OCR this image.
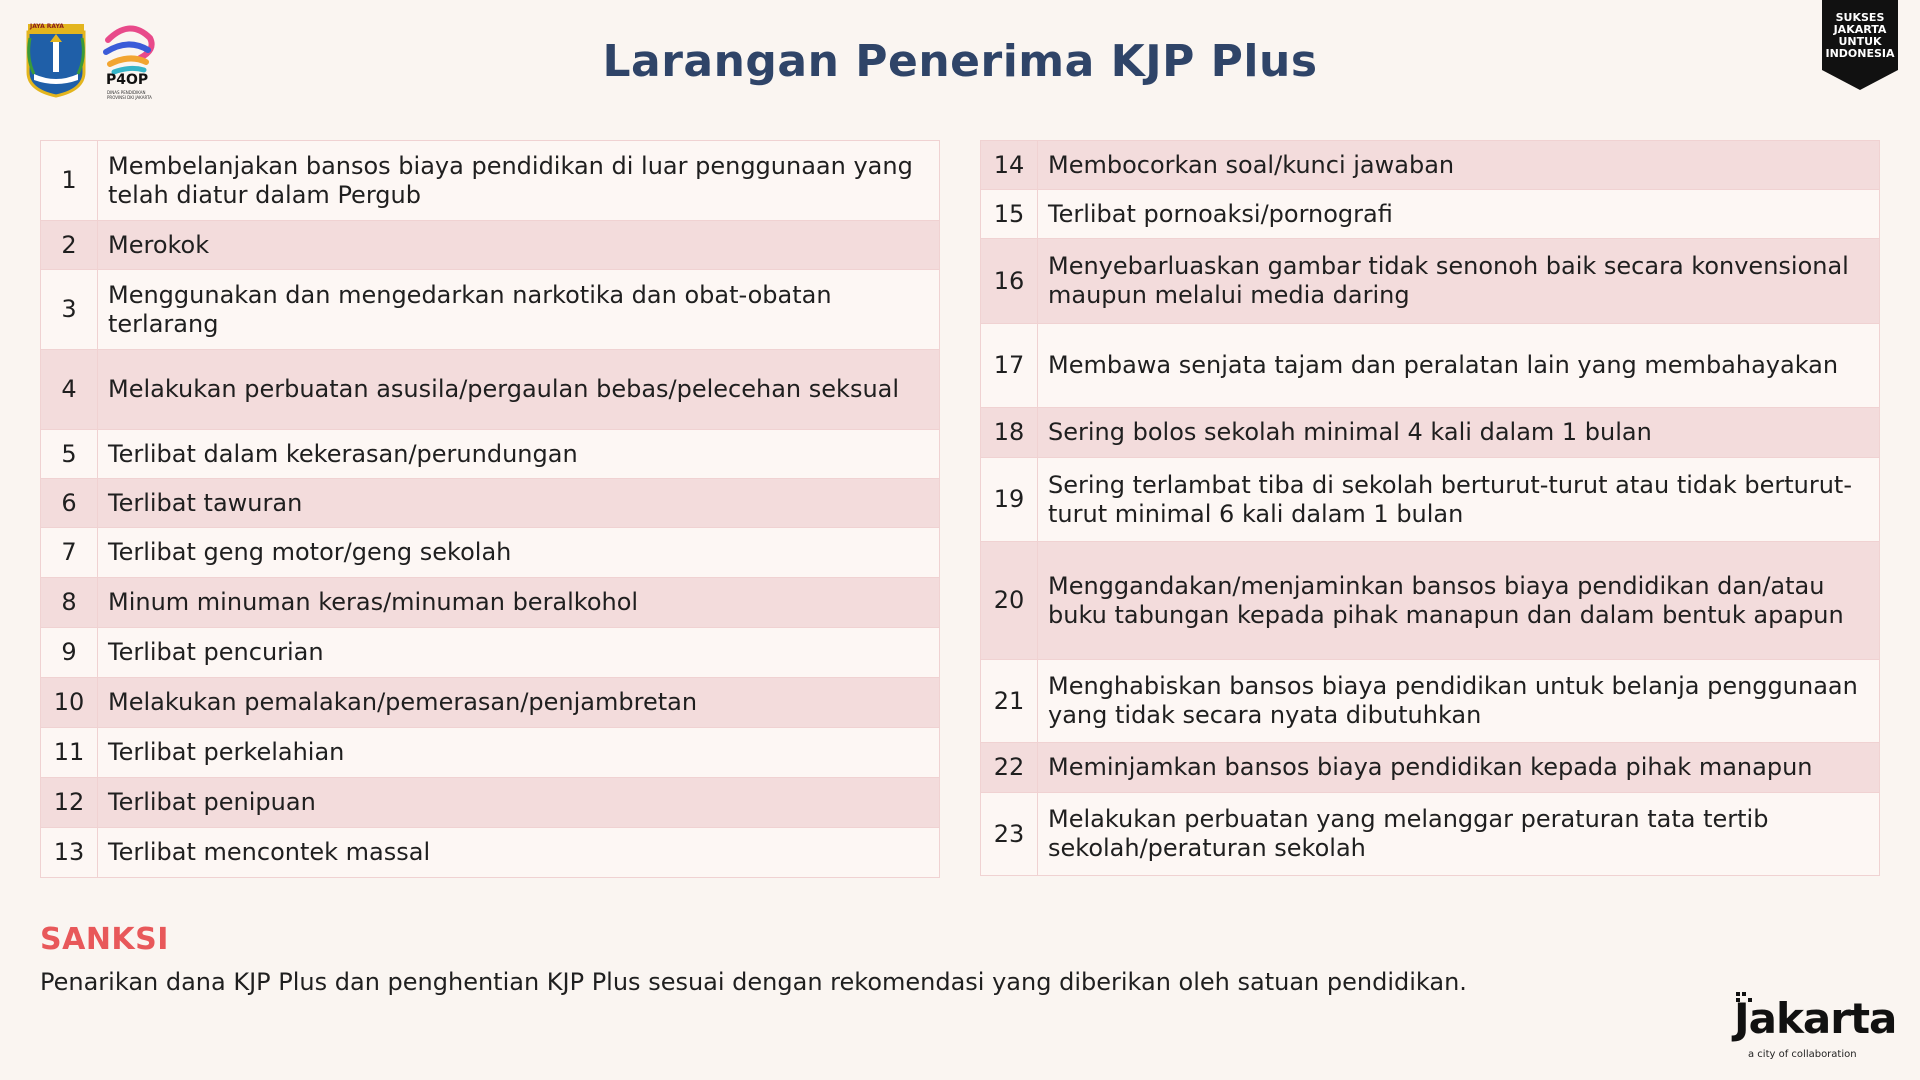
JAYA RAYA
P4OP
DINAS PENDIDIKAN PROVINSI DKI JAKARTA
Larangan Penerima KJP Plus
SUKSES
JAKARTA
UNTUK
INDONESIA
1	Membelanjakan bansos biaya pendidikan di luar penggunaan yang telah diatur dalam Pergub
2	Merokok
3	Menggunakan dan mengedarkan narkotika dan obat-obatan terlarang
4	Melakukan perbuatan asusila/pergaulan bebas/pelecehan seksual
5	Terlibat dalam kekerasan/perundungan
6	Terlibat tawuran
7	Terlibat geng motor/geng sekolah
8	Minum minuman keras/minuman beralkohol
9	Terlibat pencurian
10	Melakukan pemalakan/pemerasan/penjambretan
11	Terlibat perkelahian
12	Terlibat penipuan
13	Terlibat mencontek massal
14	Membocorkan soal/kunci jawaban
15	Terlibat pornoaksi/pornografi
16	Menyebarluaskan gambar tidak senonoh baik secara konvensional maupun melalui media daring
17	Membawa senjata tajam dan peralatan lain yang membahayakan
18	Sering bolos sekolah minimal 4 kali dalam 1 bulan
19	Sering terlambat tiba di sekolah berturut-turut atau tidak berturut-turut minimal 6 kali dalam 1 bulan
20	Menggandakan/menjaminkan bansos biaya pendidikan dan/atau buku tabungan kepada pihak manapun dan dalam bentuk apapun
21	Menghabiskan bansos biaya pendidikan untuk belanja penggunaan yang tidak secara nyata dibutuhkan
22	Meminjamkan bansos biaya pendidikan kepada pihak manapun
23	Melakukan perbuatan yang melanggar peraturan tata tertib sekolah/peraturan sekolah
SANKSI
Penarikan dana KJP Plus dan penghentian KJP Plus sesuai dengan rekomendasi yang diberikan oleh satuan pendidikan.
Jakarta
a city of collaboration
